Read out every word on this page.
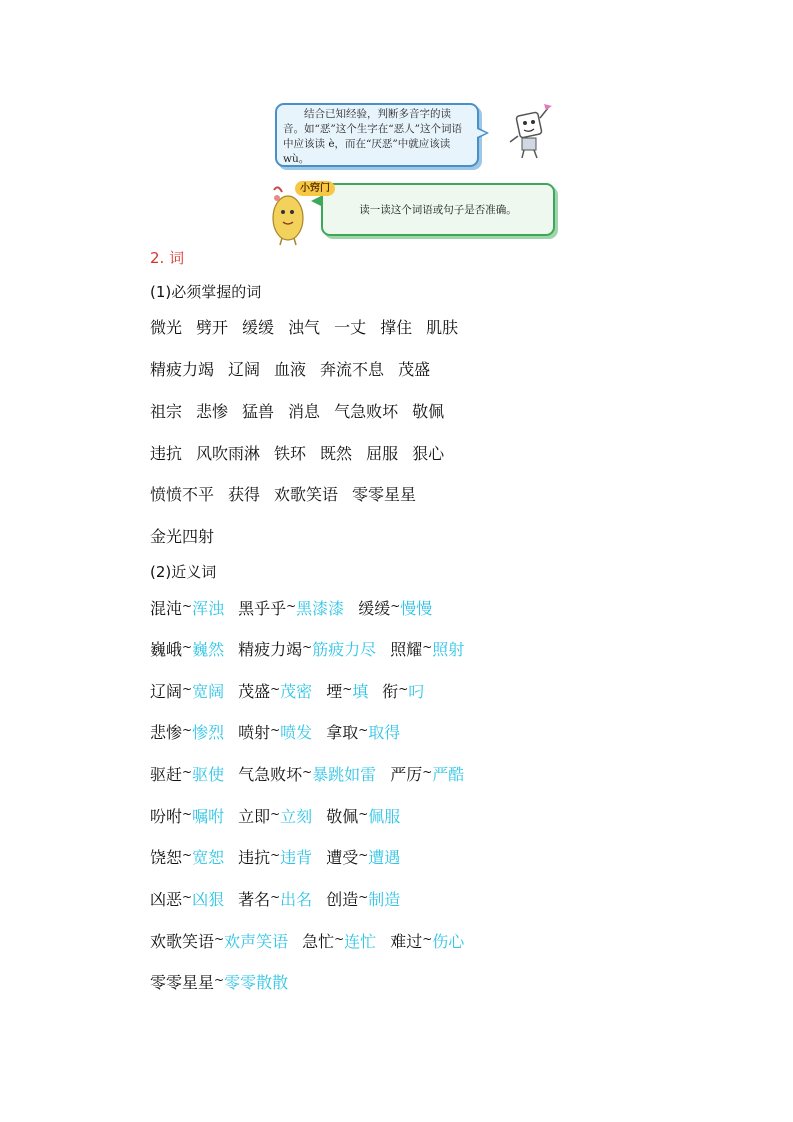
结合已知经验，判断多音字的读音。如“恶”这个生字在“恶人”这个词语中应该读 è，而在“厌恶”中就应该读 wù。
读一读这个词语或句子是否准确。
小窍门
2. 词
(1)必须掌握的词
微光 劈开 缓缓 浊气 一丈 撑住 肌肤
精疲力竭 辽阔 血液 奔流不息 茂盛
祖宗 悲惨 猛兽 消息 气急败坏 敬佩
违抗 风吹雨淋 铁环 既然 屈服 狠心
愤愤不平 获得 欢歌笑语 零零星星
金光四射
(2)近义词
混沌~浑浊 黑乎乎~黑漆漆 缓缓~慢慢
巍峨~巍然 精疲力竭~筋疲力尽 照耀~照射
辽阔~宽阔 茂盛~茂密 堙~填 衔~叼
悲惨~惨烈 喷射~喷发 拿取~取得
驱赶~驱使 气急败坏~暴跳如雷 严厉~严酷
吩咐~嘱咐 立即~立刻 敬佩~佩服
饶恕~宽恕 违抗~违背 遭受~遭遇
凶恶~凶狠 著名~出名 创造~制造
欢歌笑语~欢声笑语 急忙~连忙 难过~伤心
零零星星~零零散散
